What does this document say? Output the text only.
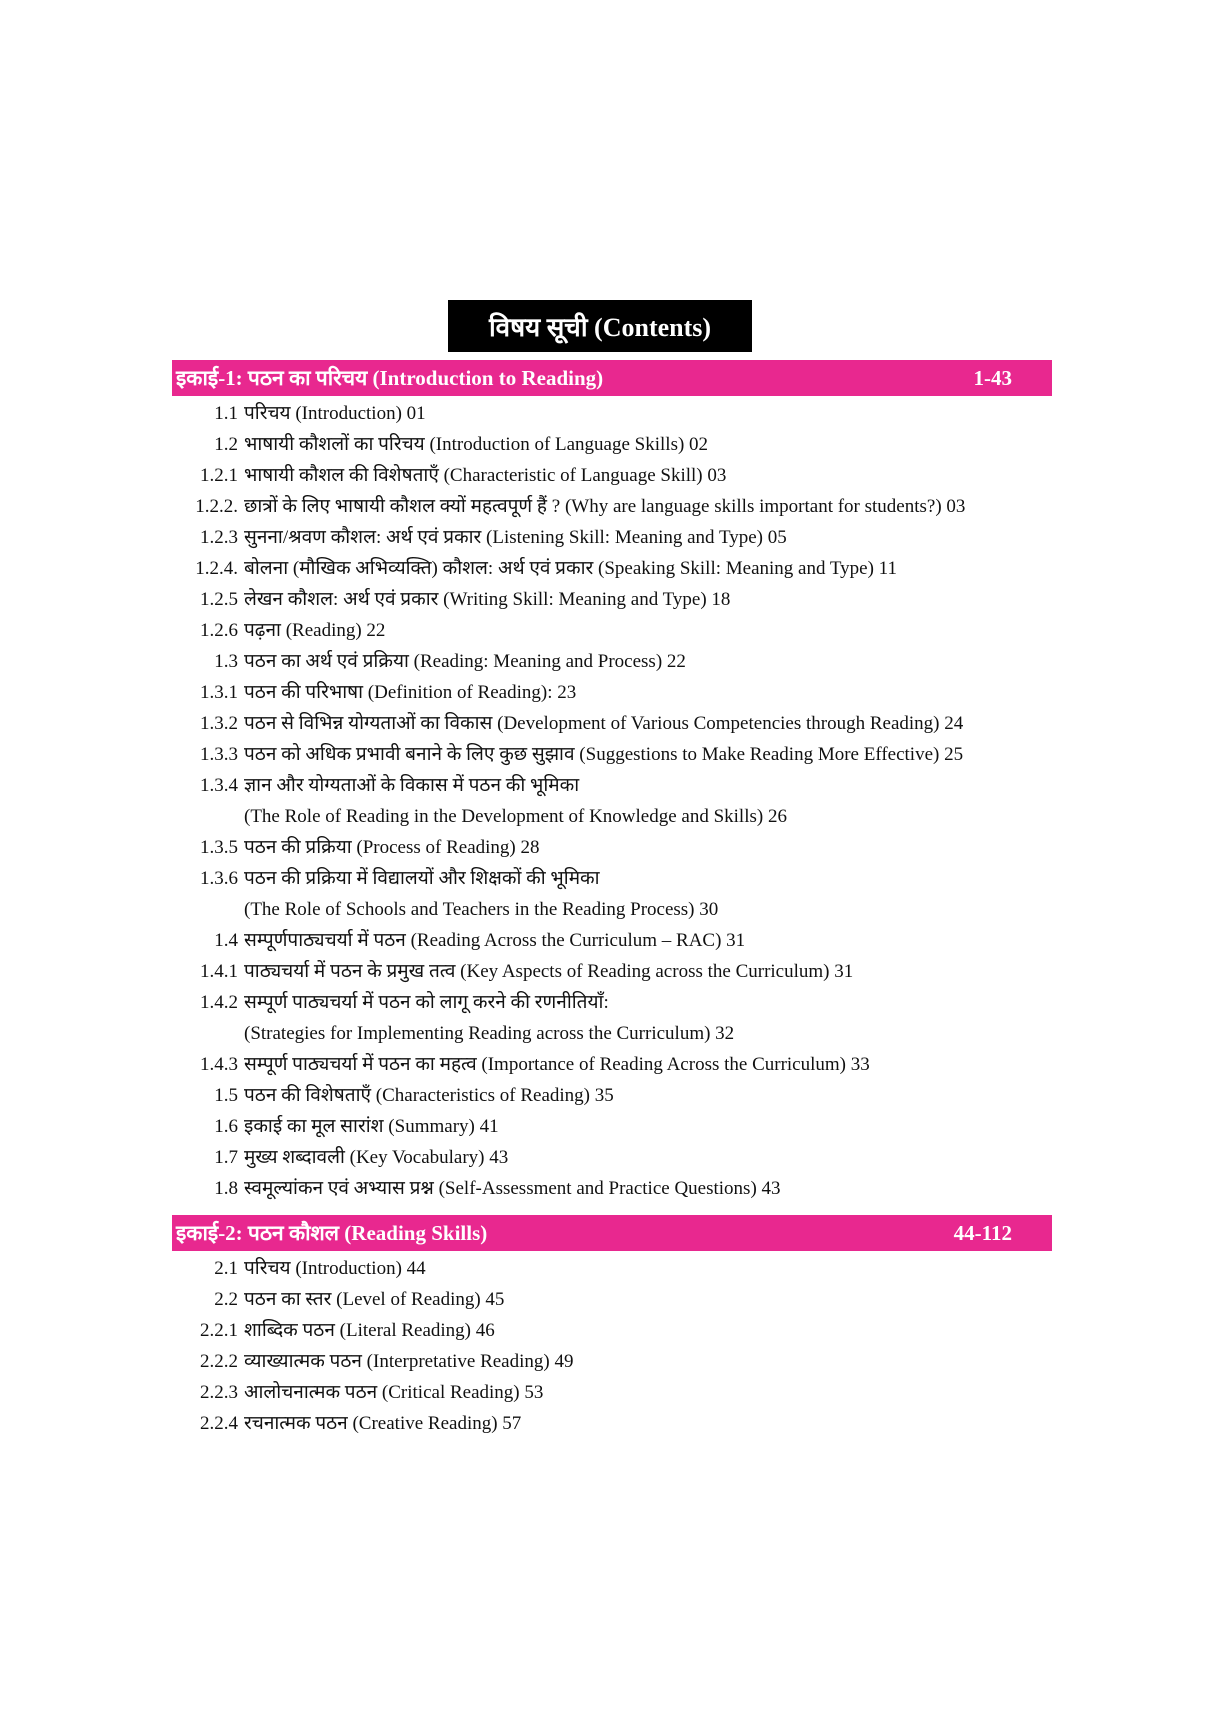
विषय सूची (Contents)
इकाई-1: पठन का परिचय (Introduction to Reading)	1-43
1.1 परिचय (Introduction) 01
1.2 भाषायी कौशलों का परिचय (Introduction of Language Skills) 02
1.2.1 भाषायी कौशल की विशेषताएँ (Characteristic of Language Skill) 03
1.2.2. छात्रों के लिए भाषायी कौशल क्यों महत्वपूर्ण हैं ? (Why are language skills important for students?) 03
1.2.3 सुनना/श्रवण कौशल: अर्थ एवं प्रकार (Listening Skill: Meaning and Type) 05
1.2.4. बोलना (मौखिक अभिव्यक्ति) कौशल: अर्थ एवं प्रकार (Speaking Skill: Meaning and Type) 11
1.2.5 लेखन कौशल: अर्थ एवं प्रकार (Writing Skill: Meaning and Type) 18
1.2.6 पढ़ना (Reading) 22
1.3 पठन का अर्थ एवं प्रक्रिया (Reading: Meaning and Process) 22
1.3.1 पठन की परिभाषा (Definition of Reading): 23
1.3.2 पठन से विभिन्न योग्यताओं का विकास (Development of Various Competencies through Reading) 24
1.3.3 पठन को अधिक प्रभावी बनाने के लिए कुछ सुझाव (Suggestions to Make Reading More Effective) 25
1.3.4 ज्ञान और योग्यताओं के विकास में पठन की भूमिका
(The Role of Reading in the Development of Knowledge and Skills) 26
1.3.5 पठन की प्रक्रिया (Process of Reading) 28
1.3.6 पठन की प्रक्रिया में विद्यालयों और शिक्षकों की भूमिका
(The Role of Schools and Teachers in the Reading Process) 30
1.4 सम्पूर्णपाठ्यचर्या में पठन (Reading Across the Curriculum – RAC) 31
1.4.1 पाठ्यचर्या में पठन के प्रमुख तत्व (Key Aspects of Reading across the Curriculum) 31
1.4.2 सम्पूर्ण पाठ्यचर्या में पठन को लागू करने की रणनीतियाँ:
(Strategies for Implementing Reading across the Curriculum) 32
1.4.3 सम्पूर्ण पाठ्यचर्या में पठन का महत्व (Importance of Reading Across the Curriculum) 33
1.5 पठन की विशेषताएँ (Characteristics of Reading) 35
1.6 इकाई का मूल सारांश (Summary) 41
1.7 मुख्य शब्दावली (Key Vocabulary) 43
1.8 स्वमूल्यांकन एवं अभ्यास प्रश्न (Self-Assessment and Practice Questions) 43
इकाई-2: पठन कौशल (Reading Skills)	44-112
2.1 परिचय (Introduction) 44
2.2 पठन का स्तर (Level of Reading) 45
2.2.1 शाब्दिक पठन (Literal Reading) 46
2.2.2 व्याख्यात्मक पठन (Interpretative Reading) 49
2.2.3 आलोचनात्मक पठन (Critical Reading) 53
2.2.4 रचनात्मक पठन (Creative Reading) 57
